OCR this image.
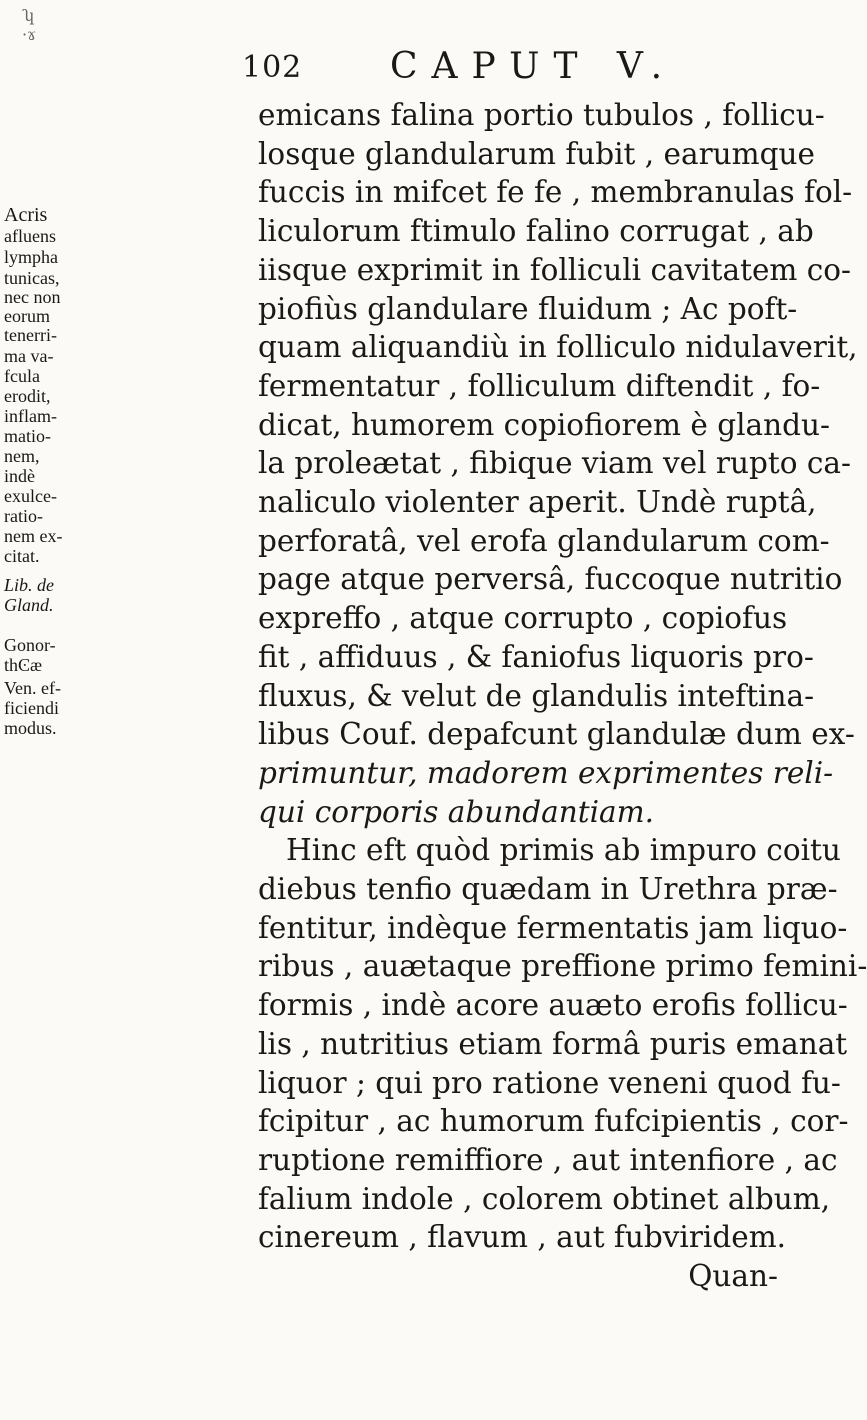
ʮ
·ɤ
102 CAPUT V.
Acris
afluens
lympha
tunicas,
nec non
eorum
tenerri-
ma va-
fcula
erodit,
inflam-
matio-
nem,
indè
exulce-
ratio-
nem ex-
citat.
Lib. de
Gland.
Gonor-
thϾæ
Ven. ef-
ficiendi
modus.
emicans falina portio tubulos , follicu-
losque glandularum fubit , earumque
fuccis in mifcet fe fe , membranulas fol-
liculorum ftimulo falino corrugat , ab
iisque exprimit in folliculi cavitatem co-
piofiùs glandulare fluidum ; Ac poft-
quam aliquandiù in folliculo nidulaverit,
fermentatur , folliculum diftendit , fo-
dicat, humorem copiofiorem è glandu-
la proleætat , fibique viam vel rupto ca-
naliculo violenter aperit. Undè ruptâ,
perforatâ, vel erofa glandularum com-
page atque perversâ, fuccoque nutritio
expreffo , atque corrupto , copiofus
fit , affiduus , & faniofus liquoris pro-
fluxus, & velut de glandulis inteftina-
libus Couf. depafcunt glandulæ dum ex-
primuntur, madorem exprimentes reli-
qui corporis abundantiam.
Hinc eft quòd primis ab impuro coitu
diebus tenfio quædam in Urethra præ-
fentitur, indèque fermentatis jam liquo-
ribus , auætaque preffione primo femini-
formis , indè acore auæto erofis follicu-
lis , nutritius etiam formâ puris emanat
liquor ; qui pro ratione veneni quod fu-
fcipitur , ac humorum fufcipientis , cor-
ruptione remiffiore , aut intenfiore , ac
falium indole , colorem obtinet album,
cinereum , flavum , aut fubviridem.
Quan-
